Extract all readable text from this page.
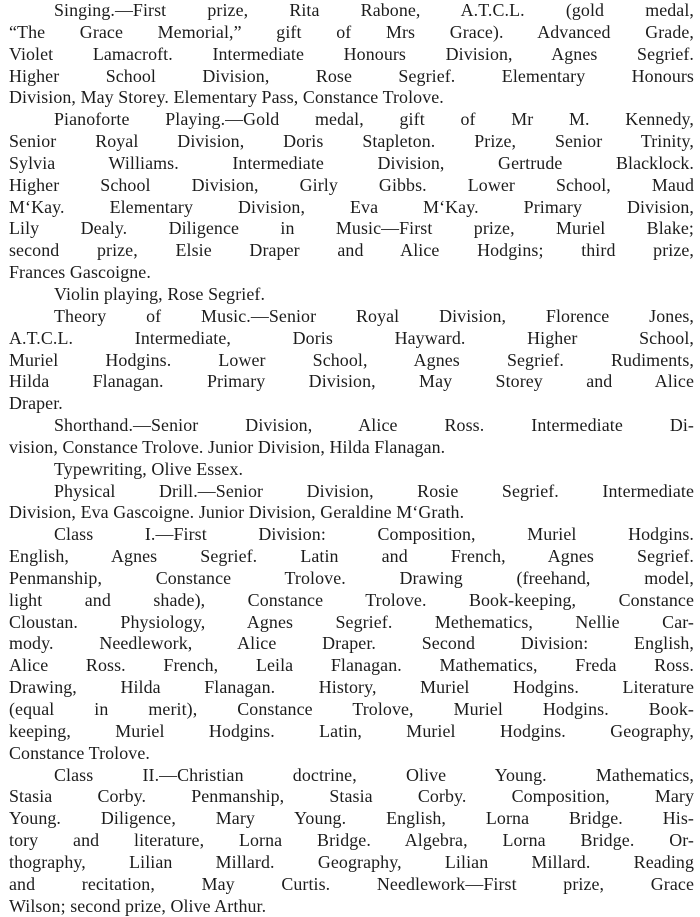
Singing.—First prize, Rita Rabone, A.T.C.L. (gold medal,
“The Grace Memorial,” gift of Mrs Grace). Advanced Grade,
Violet Lamacroft. Intermediate Honours Division, Agnes Segrief.
Higher School Division, Rose Segrief. Elementary Honours
Division, May Storey. Elementary Pass, Constance Trolove.
Pianoforte Playing.—Gold medal, gift of Mr M. Kennedy,
Senior Royal Division, Doris Stapleton. Prize, Senior Trinity,
Sylvia Williams. Intermediate Division, Gertrude Blacklock.
Higher School Division, Girly Gibbs. Lower School, Maud
M‘Kay. Elementary Division, Eva M‘Kay. Primary Division,
Lily Dealy. Diligence in Music—First prize, Muriel Blake;
second prize, Elsie Draper and Alice Hodgins; third prize,
Frances Gascoigne.
Violin playing, Rose Segrief.
Theory of Music.—Senior Royal Division, Florence Jones,
A.T.C.L. Intermediate, Doris Hayward. Higher School,
Muriel Hodgins. Lower School, Agnes Segrief. Rudiments,
Hilda Flanagan. Primary Division, May Storey and Alice
Draper.
Shorthand.—Senior Division, Alice Ross. Intermediate Di-
vision, Constance Trolove. Junior Division, Hilda Flanagan.
Typewriting, Olive Essex.
Physical Drill.—Senior Division, Rosie Segrief. Intermediate
Division, Eva Gascoigne. Junior Division, Geraldine M‘Grath.
Class I.—First Division: Composition, Muriel Hodgins.
English, Agnes Segrief. Latin and French, Agnes Segrief.
Penmanship, Constance Trolove. Drawing (freehand, model,
light and shade), Constance Trolove. Book-keeping, Constance
Cloustan. Physiology, Agnes Segrief. Methematics, Nellie Car-
mody. Needlework, Alice Draper. Second Division: English,
Alice Ross. French, Leila Flanagan. Mathematics, Freda Ross.
Drawing, Hilda Flanagan. History, Muriel Hodgins. Literature
(equal in merit), Constance Trolove, Muriel Hodgins. Book-
keeping, Muriel Hodgins. Latin, Muriel Hodgins. Geography,
Constance Trolove.
Class II.—Christian doctrine, Olive Young. Mathematics,
Stasia Corby. Penmanship, Stasia Corby. Composition, Mary
Young. Diligence, Mary Young. English, Lorna Bridge. His-
tory and literature, Lorna Bridge. Algebra, Lorna Bridge. Or-
thography, Lilian Millard. Geography, Lilian Millard. Reading
and recitation, May Curtis. Needlework—First prize, Grace
Wilson; second prize, Olive Arthur.
